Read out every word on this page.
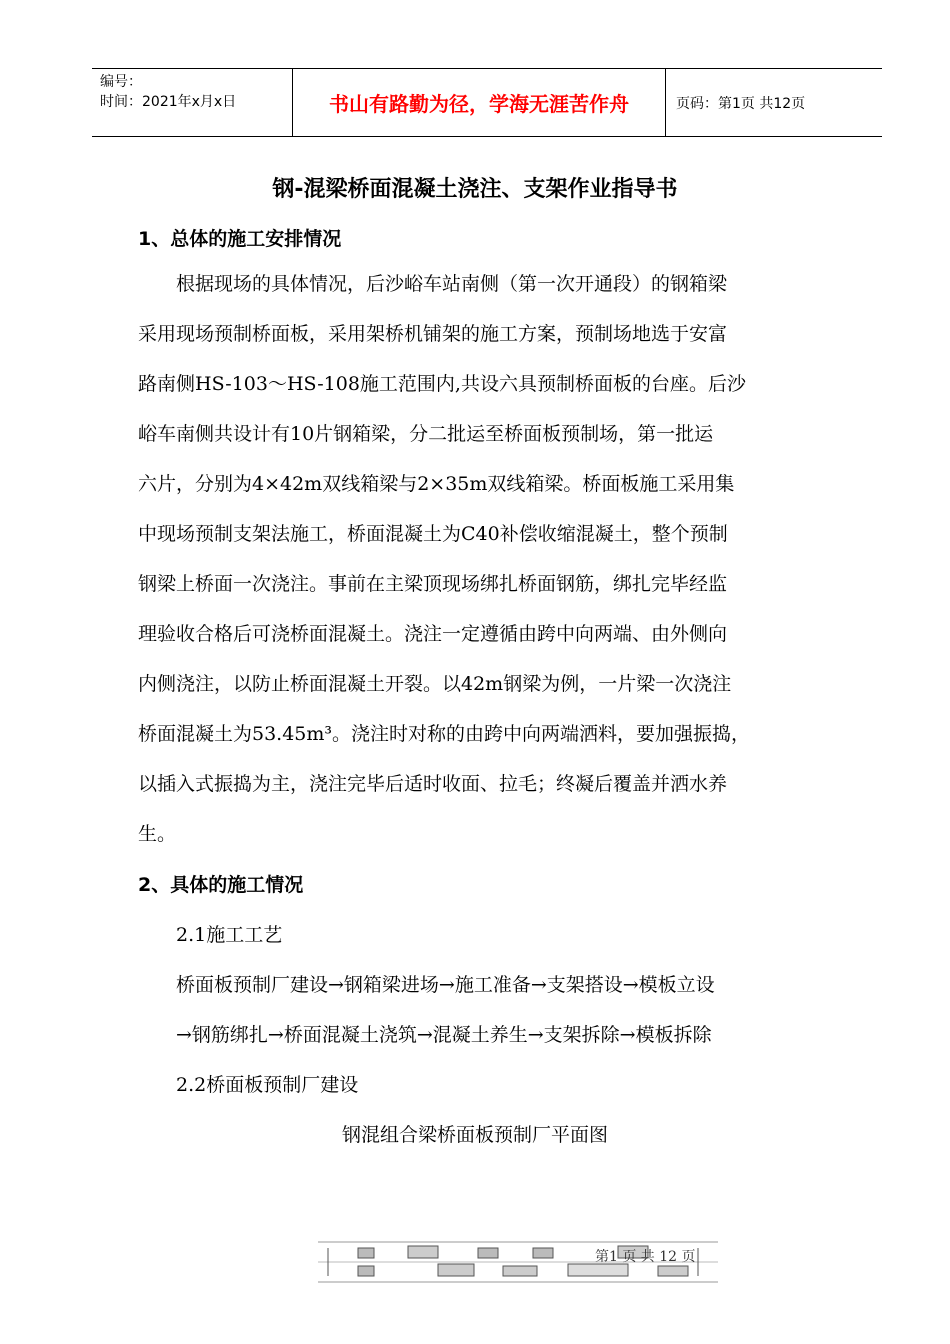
编号：
时间：2021年x月x日	书山有路勤为径，学海无涯苦作舟	页码：第1页 共12页
钢-混梁桥面混凝土浇注、支架作业指导书
1、总体的施工安排情况
根据现场的具体情况，后沙峪车站南侧（第一次开通段）的钢箱梁
采用现场预制桥面板，采用架桥机铺架的施工方案，预制场地选于安富
路南侧HS-103～HS-108施工范围内,共设六具预制桥面板的台座。后沙
峪车南侧共设计有10片钢箱梁，分二批运至桥面板预制场，第一批运
六片，分别为4×42m双线箱梁与2×35m双线箱梁。桥面板施工采用集
中现场预制支架法施工，桥面混凝土为C40补偿收缩混凝土，整个预制
钢梁上桥面一次浇注。事前在主梁顶现场绑扎桥面钢筋，绑扎完毕经监
理验收合格后可浇桥面混凝土。浇注一定遵循由跨中向两端、由外侧向
内侧浇注，以防止桥面混凝土开裂。以42m钢梁为例，一片梁一次浇注
桥面混凝土为53.45m³。浇注时对称的由跨中向两端洒料，要加强振捣，
以插入式振捣为主，浇注完毕后适时收面、拉毛；终凝后覆盖并洒水养
生。
2、具体的施工情况
2.1施工工艺
桥面板预制厂建设→钢箱梁进场→施工准备→支架搭设→模板立设
→钢筋绑扎→桥面混凝土浇筑→混凝土养生→支架拆除→模板拆除
2.2桥面板预制厂建设
钢混组合梁桥面板预制厂平面图
第1 页 共 12 页
